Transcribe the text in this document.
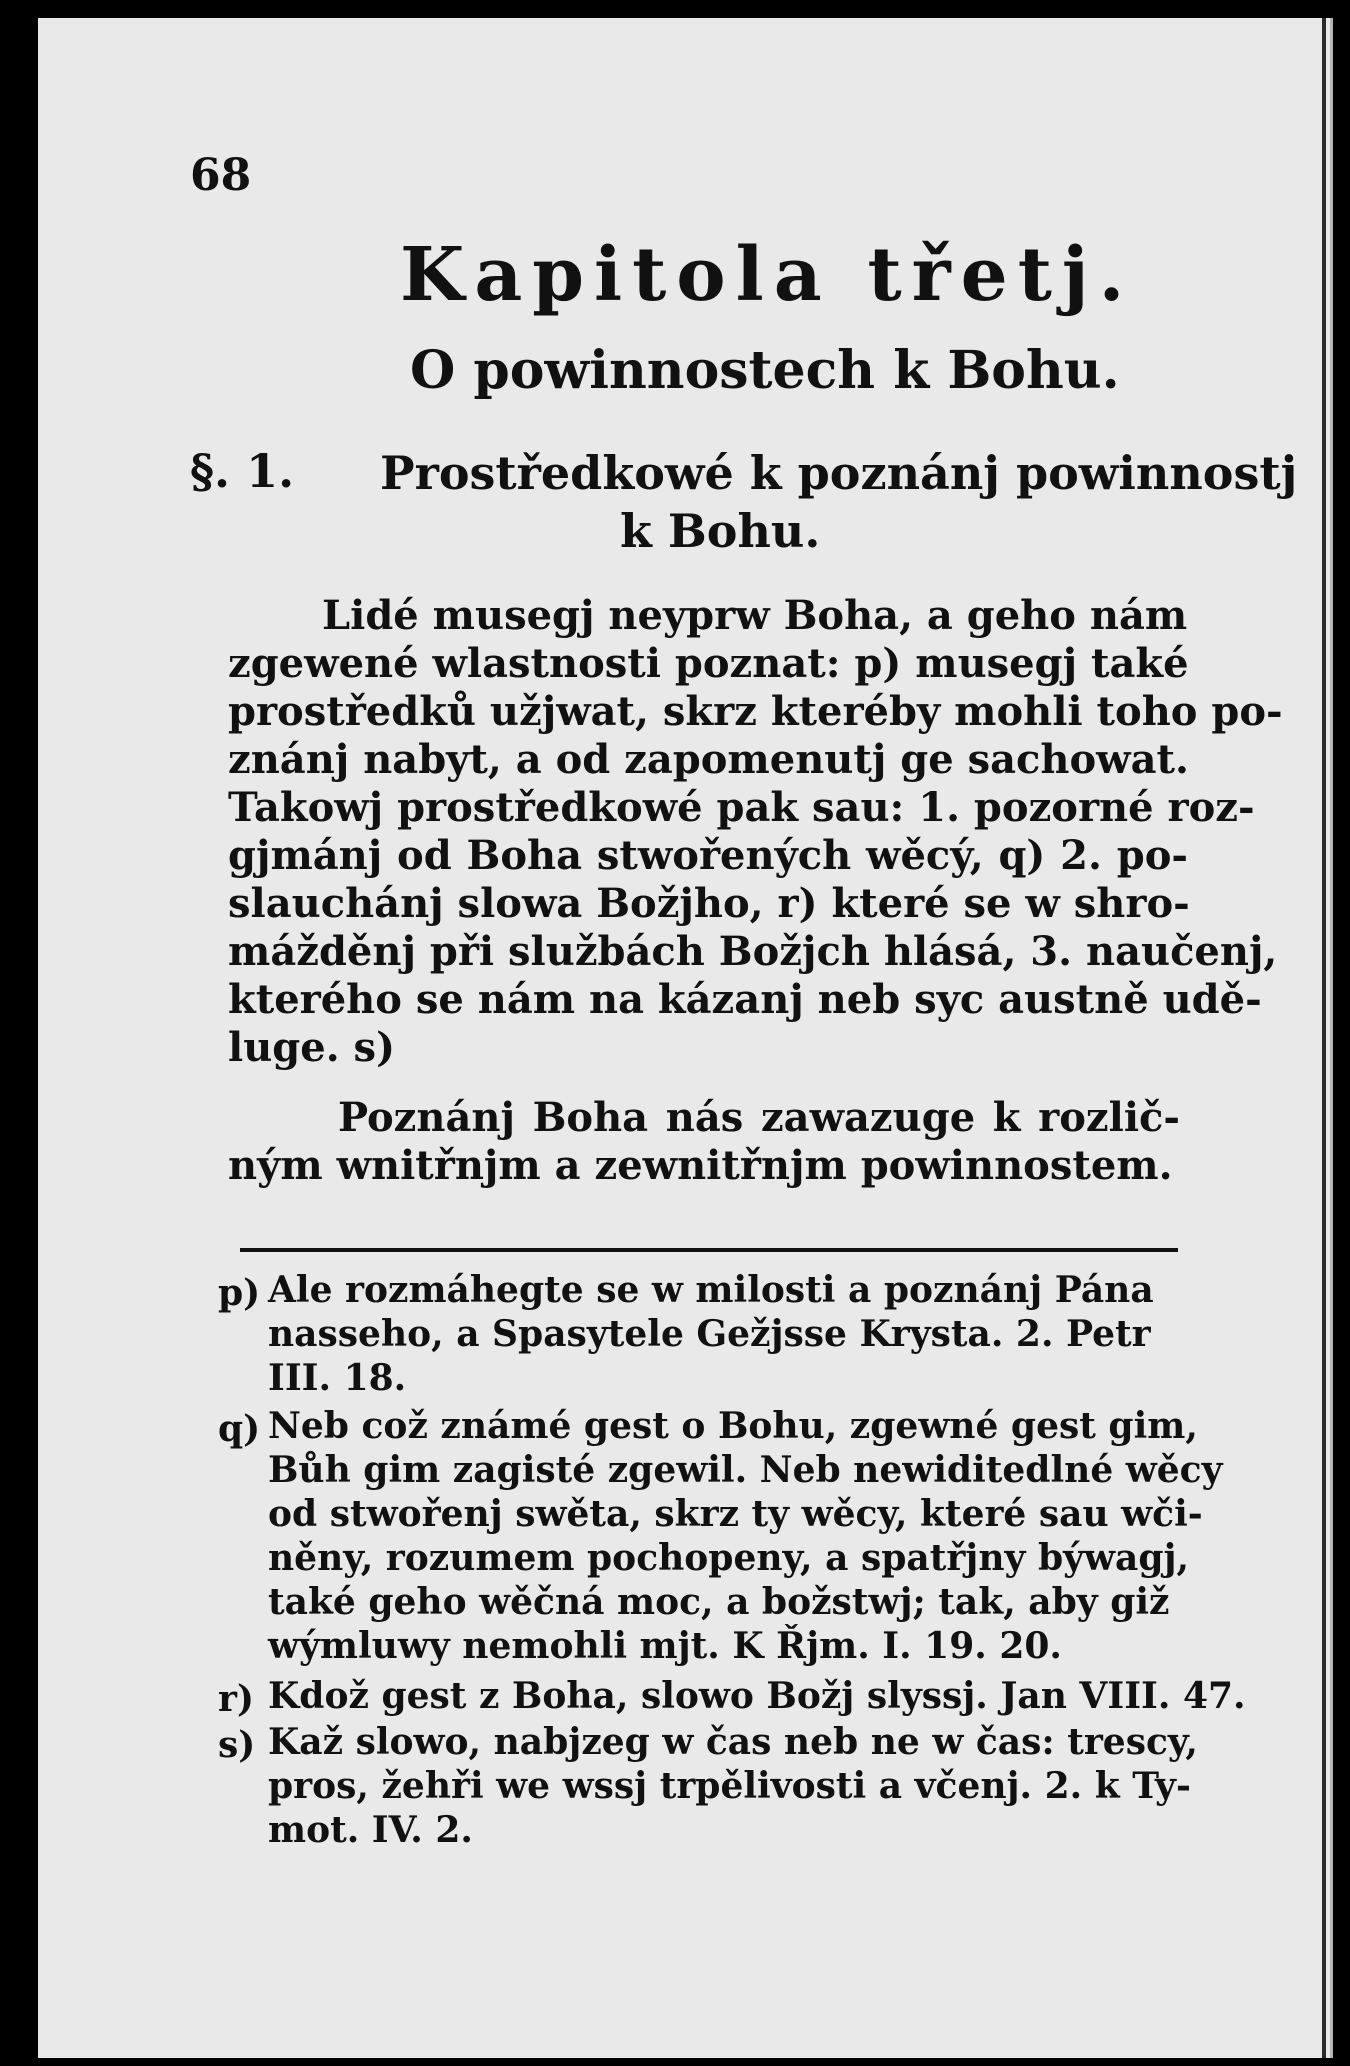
68
Kapitola třetj.
O powinnostech k Bohu.
§. 1. Prostředkowé k poznánj powinnostj
k Bohu.
Lidé musegj neyprw Boha, a geho nám
zgewené wlastnosti poznat: p) musegj také
prostředků užjwat, skrz kteréby mohli toho po-
znánj nabyt, a od zapomenutj ge sachowat.
Takowj prostředkowé pak sau: 1. pozorné roz-
gjmánj od Boha stwořených wěcý, q) 2. po-
slauchánj slowa Božjho, r) které se w shro-
mážděnj při službách Božjch hlásá, 3. naučenj,
kterého se nám na kázanj neb syc austně udě-
luge. s)
Poznánj Boha nás zawazuge k rozlič-
ným wnitřnjm a zewnitřnjm powinnostem.
p) Ale rozmáhegte se w milosti a poznánj Pána
nasseho, a Spasytele Gežjsse Krysta. 2. Petr
III. 18.
q) Neb což známé gest o Bohu, zgewné gest gim,
Bůh gim zagisté zgewil. Neb newiditedlné wěcy
od stwořenj swěta, skrz ty wěcy, které sau wči-
něny, rozumem pochopeny, a spatřjny býwagj,
také geho wěčná moc, a božstwj; tak, aby giž
wýmluwy nemohli mjt. K Řjm. I. 19. 20.
r) Kdož gest z Boha, slowo Božj slyssj. Jan VIII. 47.
s) Kaž slowo, nabjzeg w čas neb ne w čas: trescy,
pros, žehři we wssj trpělivosti a včenj. 2. k Ty-
mot. IV. 2.
